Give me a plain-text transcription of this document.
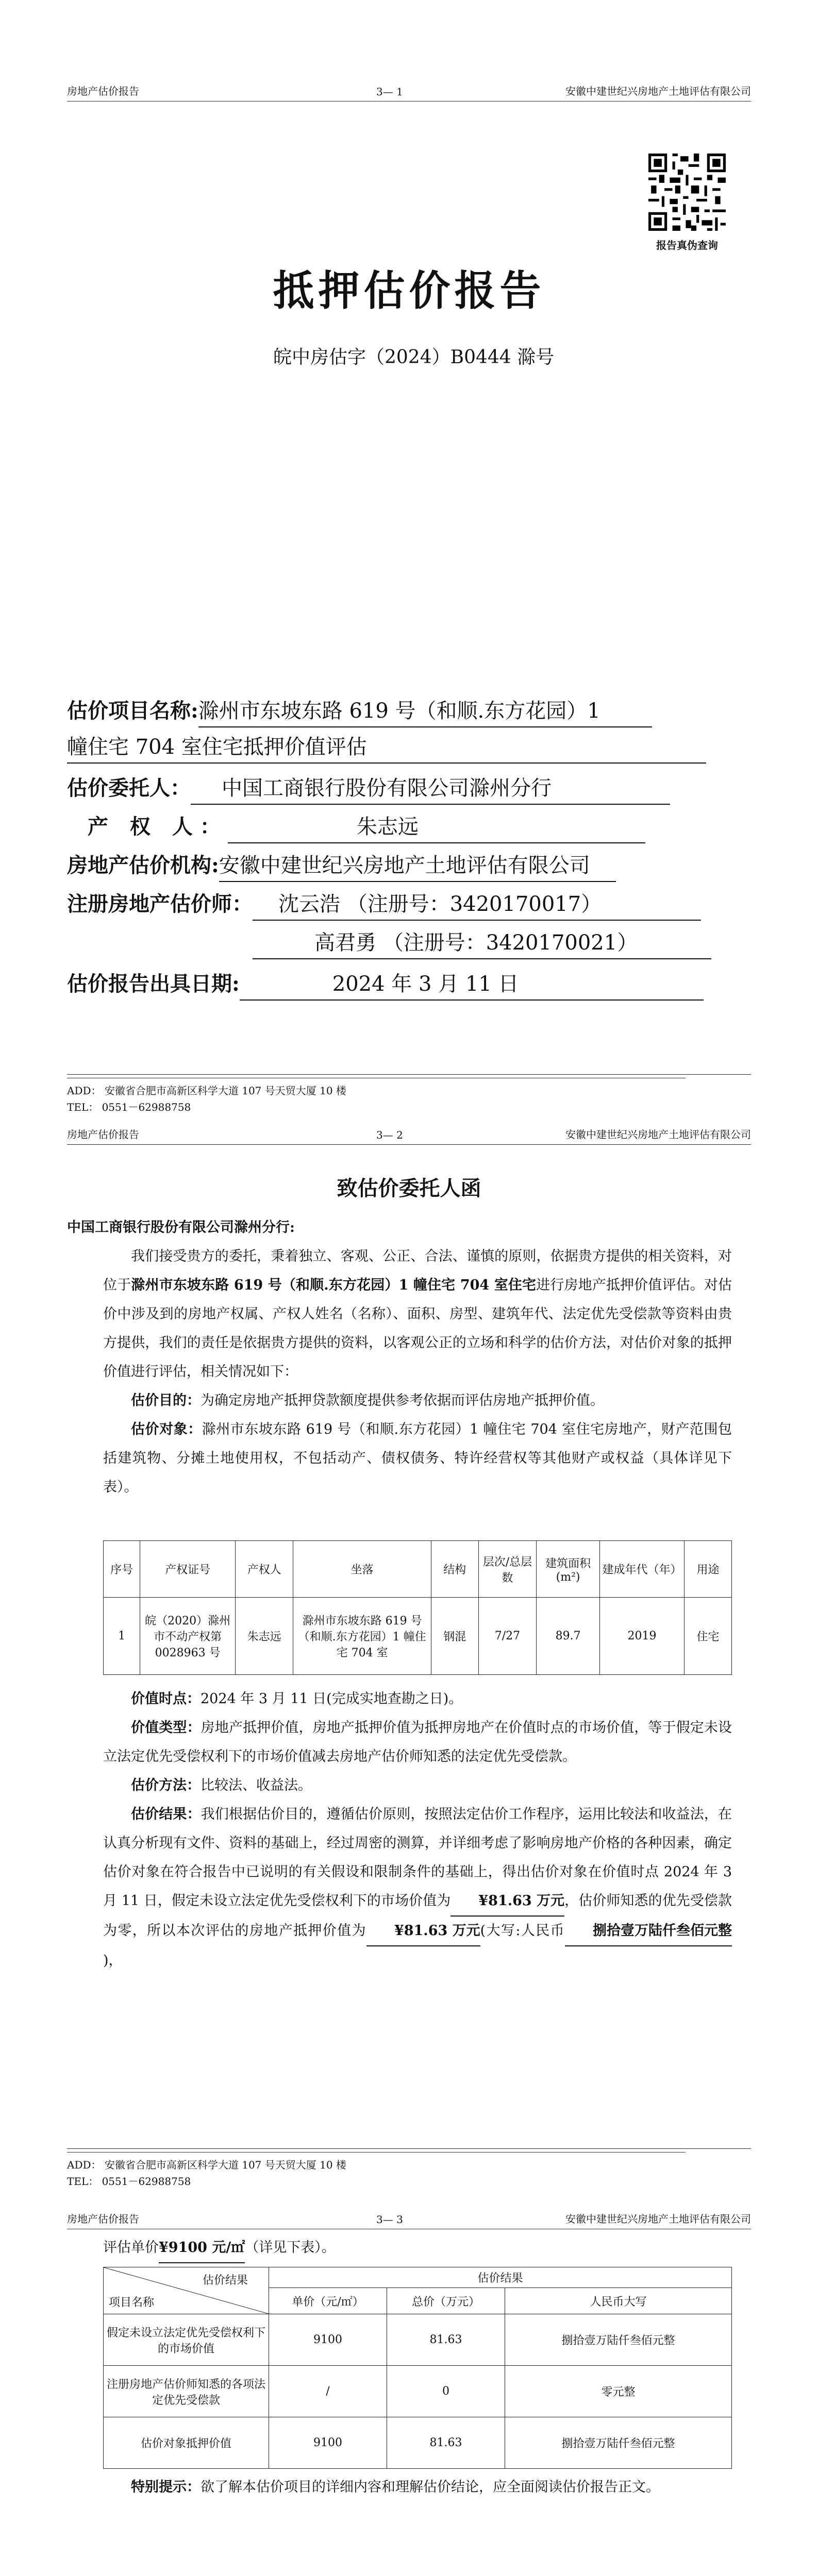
房地产估价报告	3— 1	安徽中建世纪兴房地产土地评估有限公司
报告真伪查询
抵押估价报告
皖中房估字（2024）B0444 滁号
估价项目名称:滁州市东坡东路 619 号（和顺.东方花园）1
幢住宅 704 室住宅抵押价值评估
估价委托人： 中国工商银行股份有限公司滁州分行
产 权 人：	朱志远
房地产估价机构:安徽中建世纪兴房地产土地评估有限公司
注册房地产估价师： 沈云浩 （注册号：3420170017）
高君勇 （注册号：3420170021）
估价报告出具日期:	2024 年 3 月 11 日
ADD： 安徽省合肥市高新区科学大道 107 号天贸大厦 10 楼
TEL： 0551－62988758
房地产估价报告	3— 2	安徽中建世纪兴房地产土地评估有限公司
致估价委托人函

中国工商银行股份有限公司滁州分行:

我们接受贵方的委托，秉着独立、客观、公正、合法、谨慎的原则，依据贵方提供的相关资料，对位于滁州市东坡东路 619 号（和顺.东方花园）1 幢住宅 704 室住宅进行房地产抵押价值评估。对估价中涉及到的房地产权属、产权人姓名（名称）、面积、房型、建筑年代、法定优先受偿款等资料由贵方提供，我们的责任是依据贵方提供的资料，以客观公正的立场和科学的估价方法，对估价对象的抵押价值进行评估，相关情况如下：

估价目的：为确定房地产抵押贷款额度提供参考依据而评估房地产抵押价值。

估价对象：滁州市东坡东路 619 号（和顺.东方花园）1 幢住宅 704 室住宅房地产，财产范围包括建筑物、分摊土地使用权，不包括动产、债权债务、特许经营权等其他财产或权益（具体详见下表）。

序号	产权证号	产权人	坐落	结构	层次/总层数	建筑面积(m²)	建成年代（年）	用途
1	皖（2020）滁州市不动产权第 0028963 号	朱志远	滁州市东坡东路 619 号（和顺.东方花园）1 幢住宅 704 室	钢混	7/27	89.7	2019	住宅

价值时点：2024 年 3 月 11 日(完成实地查勘之日)。

价值类型：房地产抵押价值，房地产抵押价值为抵押房地产在价值时点的市场价值，等于假定未设立法定优先受偿权利下的市场价值减去房地产估价师知悉的法定优先受偿款。

估价方法：比较法、收益法。

估价结果：我们根据估价目的，遵循估价原则，按照法定估价工作程序，运用比较法和收益法，在认真分析现有文件、资料的基础上，经过周密的测算，并详细考虑了影响房地产价格的各种因素，确定估价对象在符合报告中已说明的有关假设和限制条件的基础上，得出估价对象在价值时点 2024 年 3 月 11 日，假定未设立法定优先受偿权利下的市场价值为 ¥81.63 万元，估价师知悉的优先受偿款为零，所以本次评估的房地产抵押价值为 ¥81.63 万元(大写:人民币 捌拾壹万陆仟叁佰元整)，

ADD： 安徽省合肥市高新区科学大道 107 号天贸大厦 10 楼
TEL： 0551－62988758
房地产估价报告	3— 3	安徽中建世纪兴房地产土地评估有限公司

评估单价¥9100 元/㎡（详见下表）。

估价结果
项目名称	估价结果		
	单价（元/㎡）	总价（万元）	人民币大写
假定未设立法定优先受偿权利下的市场价值	9100	81.63	捌拾壹万陆仟叁佰元整
注册房地产估价师知悉的各项法定优先受偿款	/	0	零元整
估价对象抵押价值	9100	81.63	捌拾壹万陆仟叁佰元整

特别提示：欲了解本估价项目的详细内容和理解估价结论，应全面阅读估价报告正文。
